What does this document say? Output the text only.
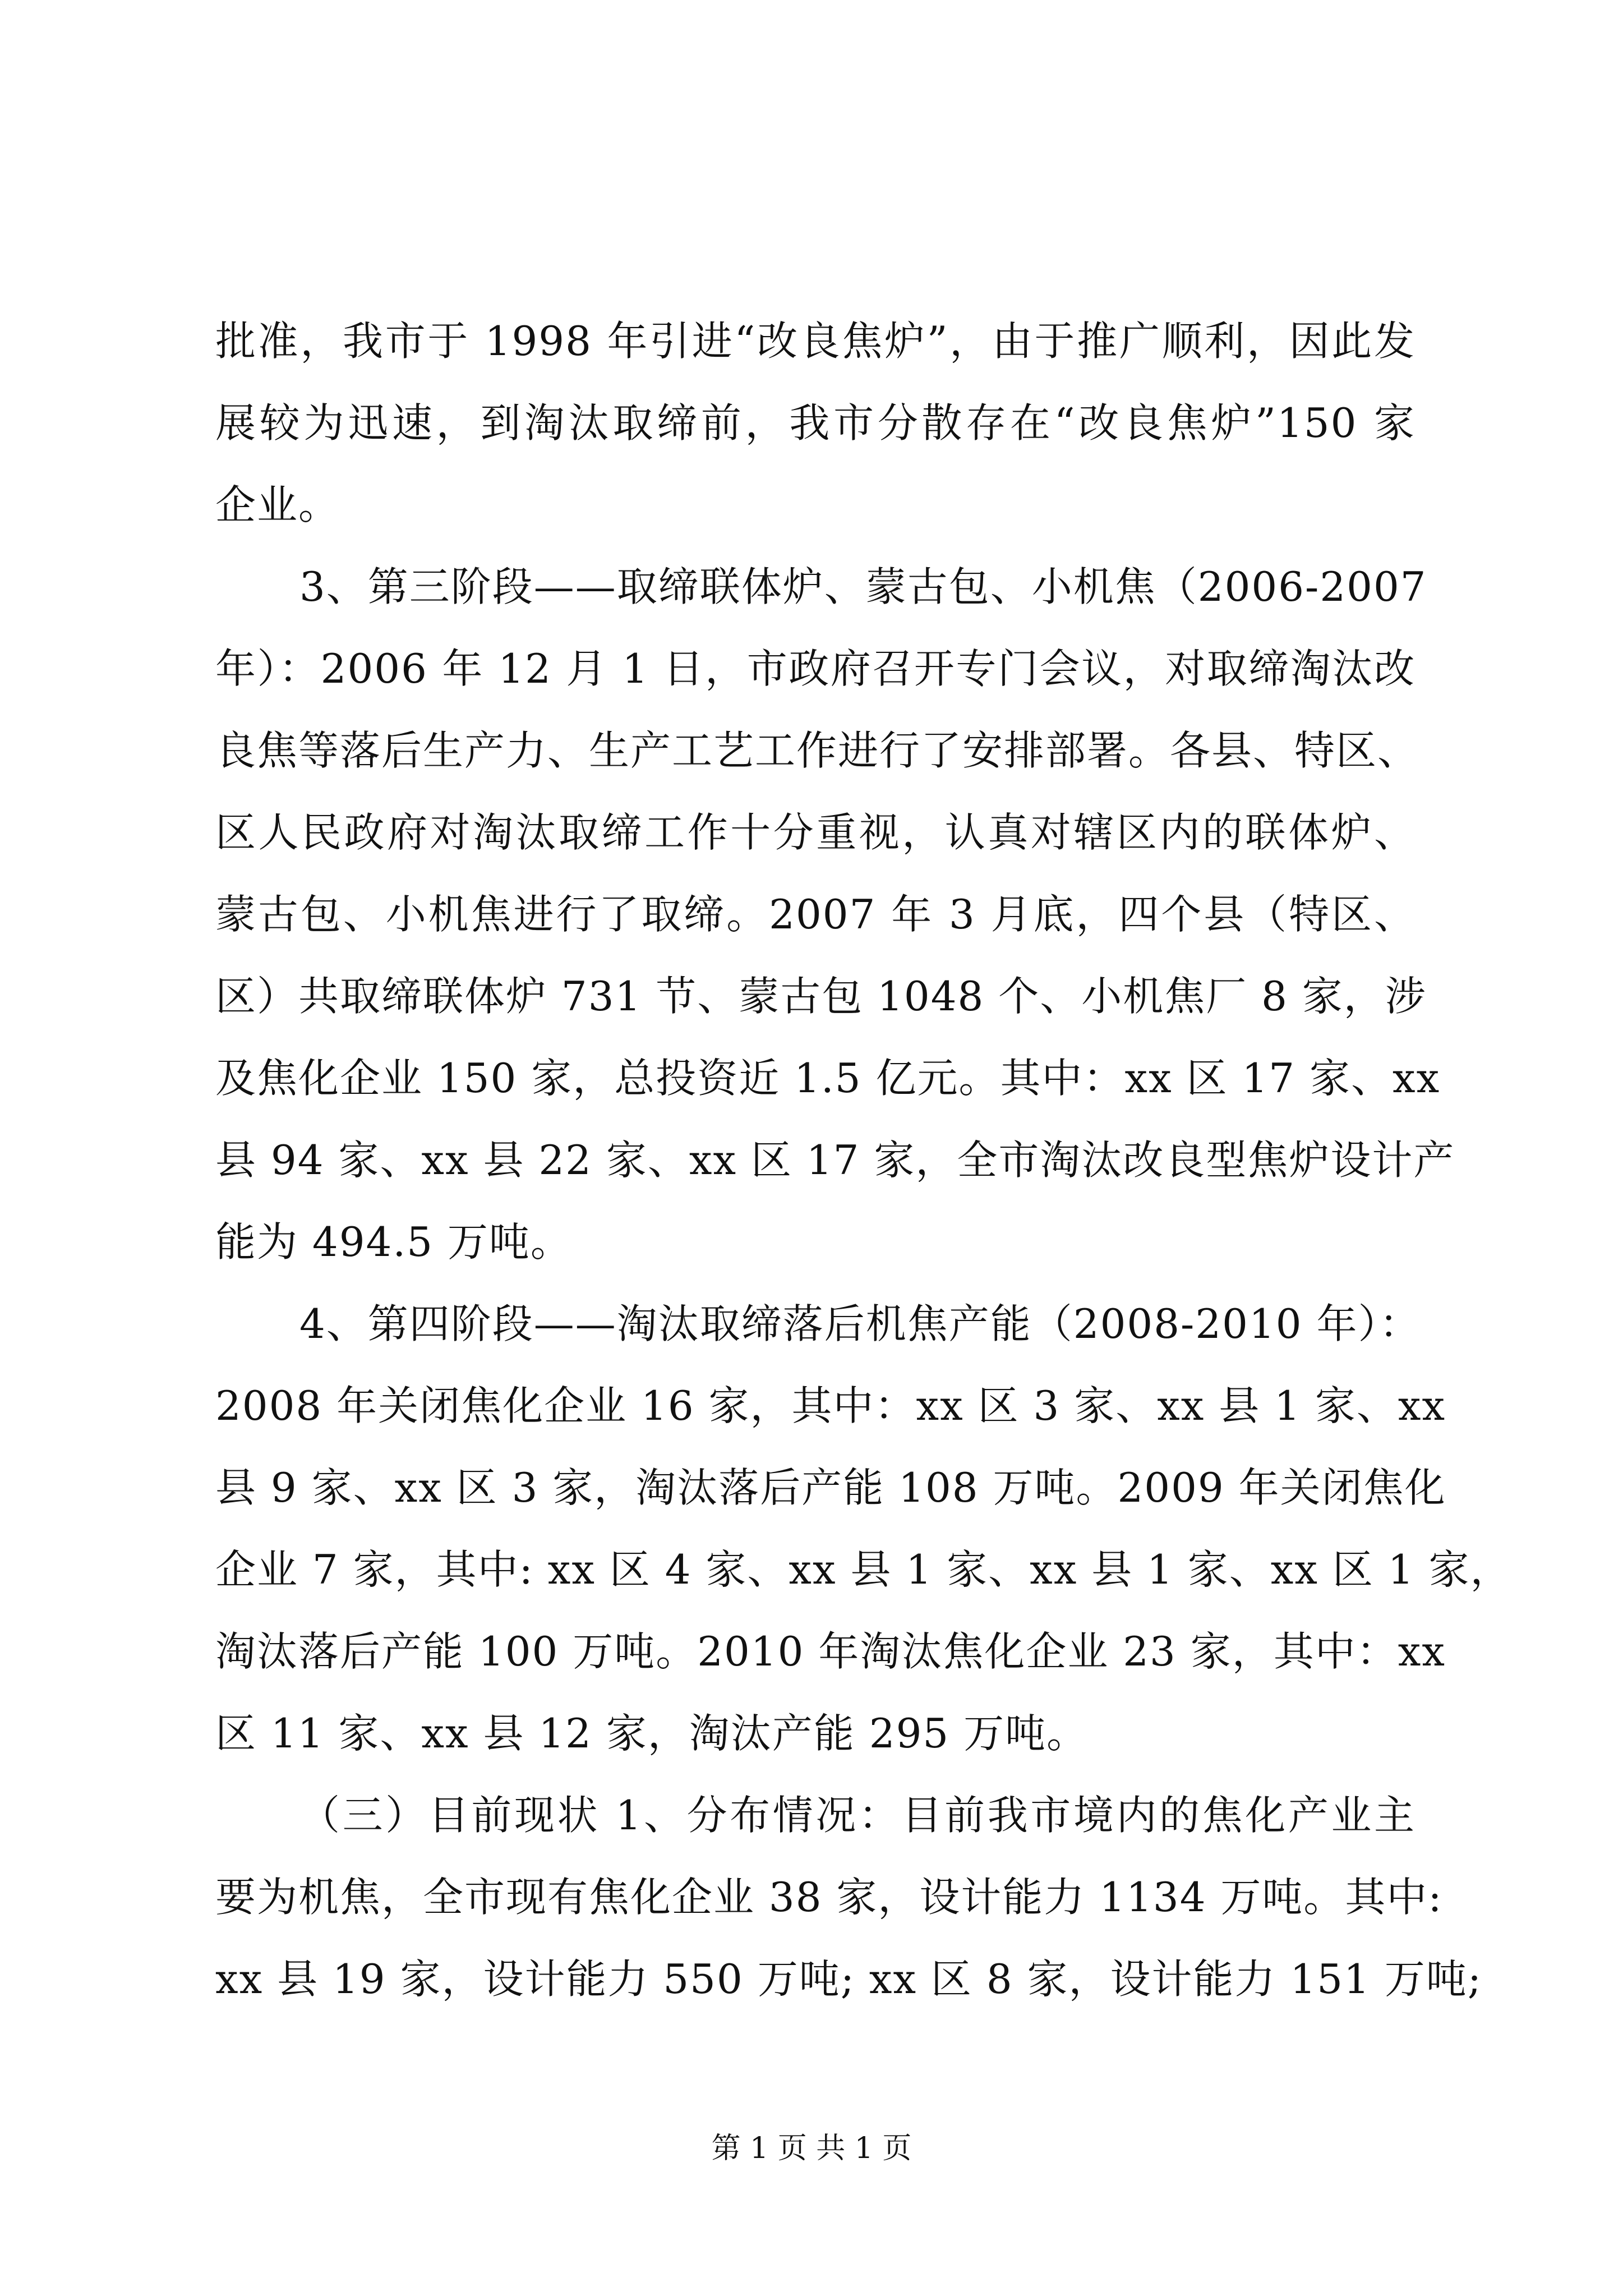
批准，我市于 1998 年引进“改良焦炉”，由于推广顺利，因此发
展较为迅速，到淘汰取缔前，我市分散存在“改良焦炉”150 家
企业。
3、第三阶段——取缔联体炉、蒙古包、小机焦（2006-2007
年）：2006 年 12 月 1 日，市政府召开专门会议，对取缔淘汰改
良焦等落后生产力、生产工艺工作进行了安排部署。各县、特区、
区人民政府对淘汰取缔工作十分重视，认真对辖区内的联体炉、
蒙古包、小机焦进行了取缔。2007 年 3 月底，四个县（特区、
区）共取缔联体炉 731 节、蒙古包 1048 个、小机焦厂 8 家，涉
及焦化企业 150 家，总投资近 1.5 亿元。其中：xx 区 17 家、xx
县 94 家、xx 县 22 家、xx 区 17 家，全市淘汰改良型焦炉设计产
能为 494.5 万吨。
4、第四阶段——淘汰取缔落后机焦产能（2008-2010 年）：
2008 年关闭焦化企业 16 家，其中：xx 区 3 家、xx 县 1 家、xx
县 9 家、xx 区 3 家，淘汰落后产能 108 万吨。2009 年关闭焦化
企业 7 家，其中: xx 区 4 家、xx 县 1 家、xx 县 1 家、xx 区 1 家，
淘汰落后产能 100 万吨。2010 年淘汰焦化企业 23 家，其中：xx
区 11 家、xx 县 12 家，淘汰产能 295 万吨。
（三）目前现状 1、分布情况：目前我市境内的焦化产业主
要为机焦，全市现有焦化企业 38 家，设计能力 1134 万吨。其中:
xx 县 19 家，设计能力 550 万吨; xx 区 8 家，设计能力 151 万吨;
第 1 页 共 1 页
